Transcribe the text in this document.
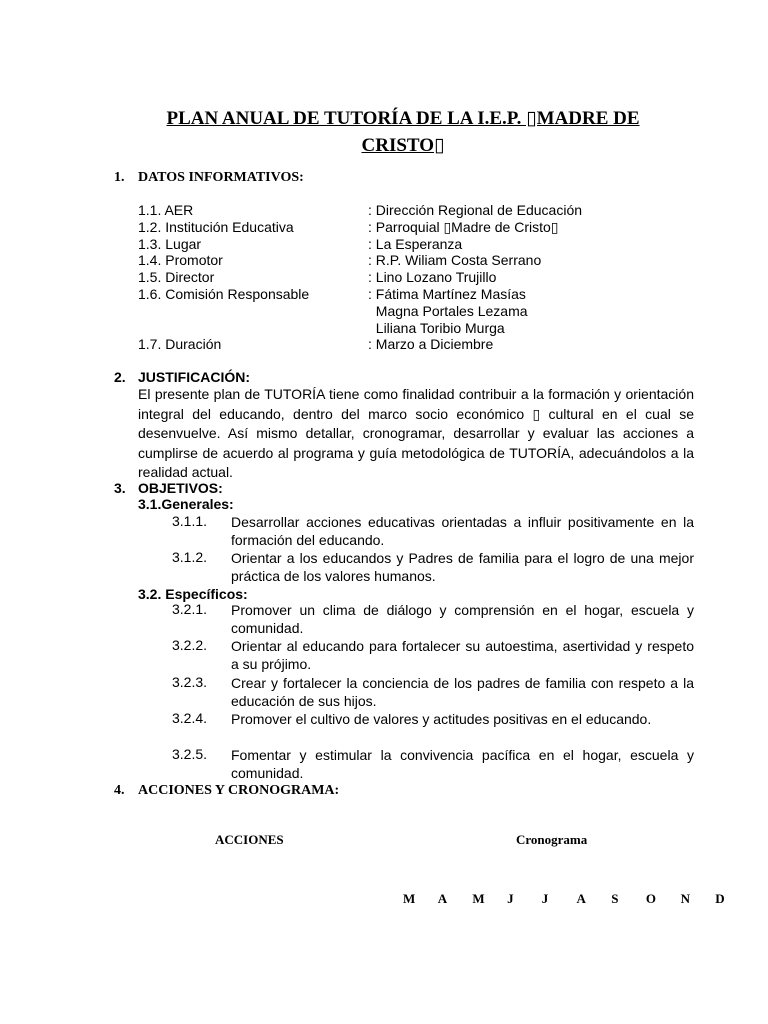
PLAN ANUAL DE TUTORÍA DE LA I.E.P. ▯MADRE DE
CRISTO▯
1. DATOS INFORMATIVOS:
1.1. AER	: Dirección Regional de Educación
1.2. Institución Educativa	: Parroquial ▯Madre de Cristo▯
1.3. Lugar	: La Esperanza
1.4. Promotor	: R.P. Wiliam Costa Serrano
1.5. Director	: Lino Lozano Trujillo
1.6. Comisión Responsable	: Fátima Martínez Masías
Magna Portales Lezama
Liliana Toribio Murga
1.7. Duración	: Marzo a Diciembre
2. JUSTIFICACIÓN:
El presente plan de TUTORÍA tiene como finalidad contribuir a la formación y orientación integral del educando, dentro del marco socio económico ▯ cultural en el cual se desenvuelve. Así mismo detallar, cronogramar, desarrollar y evaluar las acciones a cumplirse de acuerdo al programa y guía metodológica de TUTORÍA, adecuándolos a la realidad actual.
3. OBJETIVOS:
3.1.Generales:
3.1.1. Desarrollar acciones educativas orientadas a influir positivamente en la formación del educando.
3.1.2. Orientar a los educandos y Padres de familia para el logro de una mejor práctica de los valores humanos.
3.2. Específicos:
3.2.1. Promover un clima de diálogo y comprensión en el hogar, escuela y comunidad.
3.2.2. Orientar al educando para fortalecer su autoestima, asertividad y respeto a su prójimo.
3.2.3. Crear y fortalecer la conciencia de los padres de familia con respeto a la educación de sus hijos.
3.2.4. Promover el cultivo de valores y actitudes positivas en el educando.
3.2.5. Fomentar y estimular la convivencia pacífica en el hogar, escuela y comunidad.
4. ACCIONES Y CRONOGRAMA:
ACCIONES	Cronograma
M A M J J A S O N D
